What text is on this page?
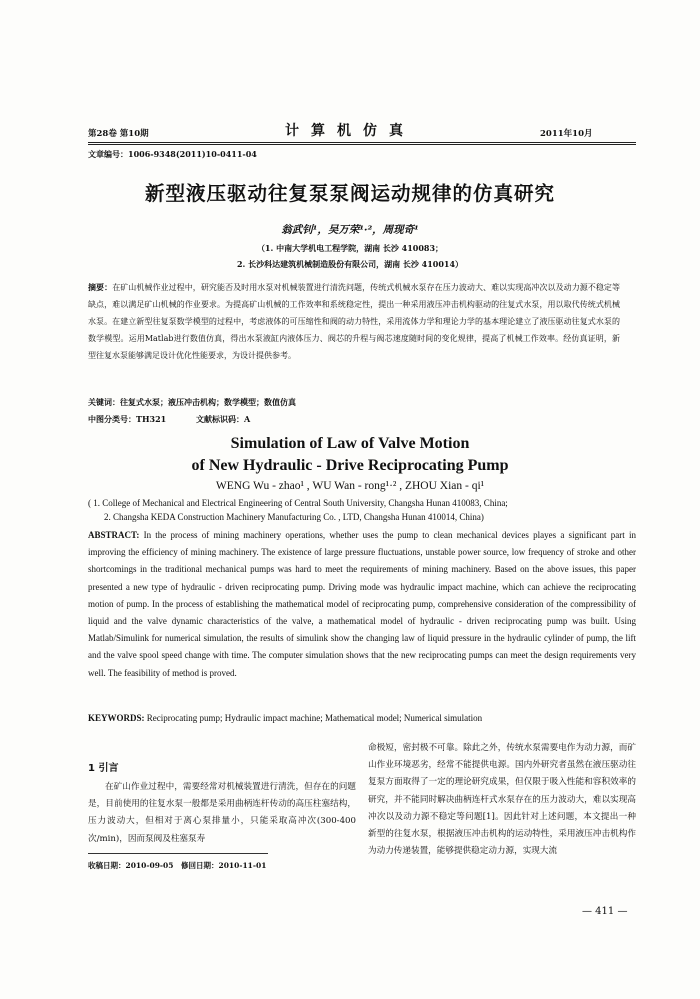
第28卷 第10期	计算机仿真	2011年10月
文章编号：1006-9348(2011)10-0411-04
新型液压驱动往复泵泵阀运动规律的仿真研究
翁武钊¹，吴万荣¹·²，周现奇¹
（1. 中南大学机电工程学院，湖南 长沙 410083；
2. 长沙科达建筑机械制造股份有限公司，湖南 长沙 410014）
摘要：在矿山机械作业过程中，研究能否及时用水泵对机械装置进行清洗问题，传统式机械水泵存在压力波动大、难以实现高冲次以及动力源不稳定等缺点，难以满足矿山机械的作业要求。为提高矿山机械的工作效率和系统稳定性，提出一种采用液压冲击机构驱动的往复式水泵，用以取代传统式机械水泵。在建立新型往复泵数学模型的过程中，考虑液体的可压缩性和阀的动力特性，采用流体力学和理论力学的基本理论建立了液压驱动往复式水泵的数学模型。运用Matlab进行数值仿真，得出水泵液缸内液体压力、阀芯的升程与阀芯速度随时间的变化规律，提高了机械工作效率。经仿真证明，新型往复水泵能够满足设计优化性能要求，为设计提供参考。
关键词：往复式水泵；液压冲击机构；数学模型；数值仿真
中图分类号：TH321	文献标识码：A
Simulation of Law of Valve Motion
of New Hydraulic - Drive Reciprocating Pump
WENG Wu - zhao¹ , WU Wan - rong¹·² , ZHOU Xian - qi¹
( 1. College of Mechanical and Electrical Engineering of Central South University, Changsha Hunan 410083, China;
2. Changsha KEDA Construction Machinery Manufacturing Co. , LTD, Changsha Hunan 410014, China)
ABSTRACT: In the process of mining machinery operations, whether uses the pump to clean mechanical devices playes a significant part in improving the efficiency of mining machinery. The existence of large pressure fluctuations, unstable power source, low frequency of stroke and other shortcomings in the traditional mechanical pumps was hard to meet the requirements of mining machinery. Based on the above issues, this paper presented a new type of hydraulic - driven reciprocating pump. Driving mode was hydraulic impact machine, which can achieve the reciprocating motion of pump. In the process of establishing the mathematical model of reciprocating pump, comprehensive consideration of the compressibility of liquid and the valve dynamic characteristics of the valve, a mathematical model of hydraulic - driven reciprocating pump was built. Using Matlab/Simulink for numerical simulation, the results of simulink show the changing law of liquid pressure in the hydraulic cylinder of pump, the lift and the valve spool speed change with time. The computer simulation shows that the new reciprocating pumps can meet the design requirements very well. The feasibility of method is proved.
KEYWORDS: Reciprocating pump; Hydraulic impact machine; Mathematical model; Numerical simulation
1 引言
在矿山作业过程中，需要经常对机械装置进行清洗，但存在的问题是，目前使用的往复水泵一般都是采用曲柄连杆传动的高压柱塞结构，压力波动大，但相对于离心泵排量小，只能采取高冲次(300-400次/min)，因而泵阀及柱塞泵寿
命极短，密封极不可靠。除此之外，传统水泵需要电作为动力源，而矿山作业环境恶劣，经常不能提供电源。国内外研究者虽然在液压驱动往复泵方面取得了一定的理论研究成果，但仅限于吸入性能和容积效率的研究，并不能同时解决曲柄连杆式水泵存在的压力波动大，难以实现高冲次以及动力源不稳定等问题[1]。因此针对上述问题，本文提出一种新型的往复水泵，根据液压冲击机构的运动特性，采用液压冲击机构作为动力传递装置，能够提供稳定动力源，实现大流
收稿日期：2010-09-05　修回日期：2010-11-01
— 411 —
